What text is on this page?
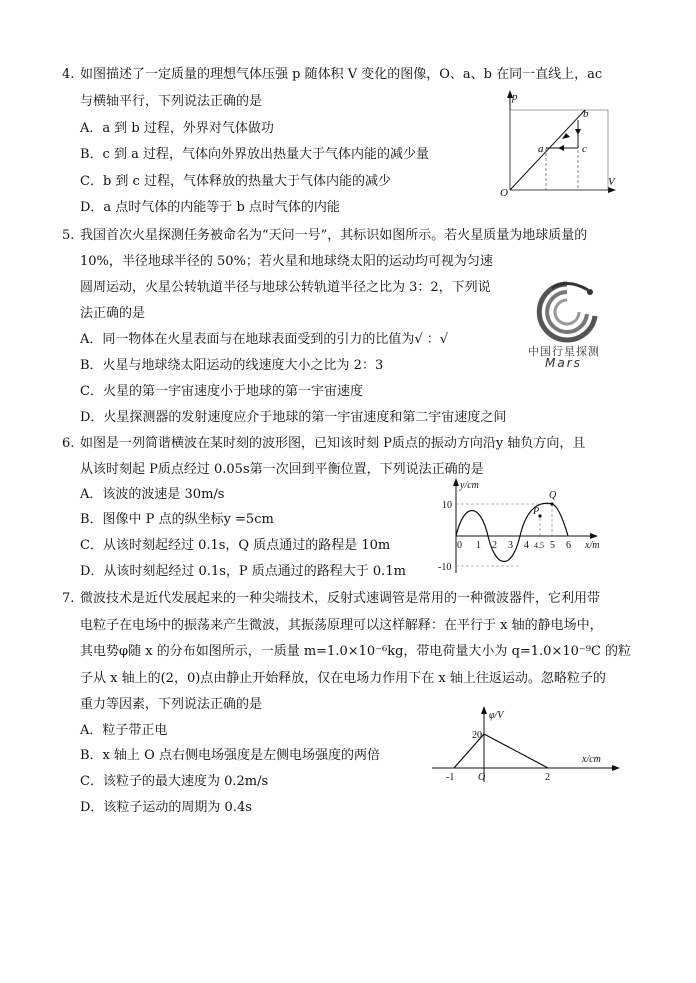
4. 如图描述了一定质量的理想气体压强 p 随体积 V 变化的图像，O、a、b 在同一直线上，ac
与横轴平行，下列说法正确的是
A．a 到 b 过程，外界对气体做功
B．c 到 a 过程，气体向外界放出热量大于气体内能的减少量
C．b 到 c 过程，气体释放的热量大于气体内能的减少
D．a 点时气体的内能等于 b 点时气体的内能
p
V
O
a
b
c
5. 我国首次火星探测任务被命名为“天问一号”，其标识如图所示。若火星质量为地球质量的
10%，半径地球半径的 50%；若火星和地球绕太阳的运动均可视为匀速
圆周运动，火星公转轨道半径与地球公转轨道半径之比为 3：2，下列说
法正确的是
A．同一物体在火星表面与在地球表面受到的引力的比值为√ ：√
B．火星与地球绕太阳运动的线速度大小之比为 2：3
C．火星的第一宇宙速度小于地球的第一宇宙速度
D．火星探测器的发射速度应介于地球的第一宇宙速度和第二宇宙速度之间
中国行星探测
Mars
6. 如图是一列简谐横波在某时刻的波形图，已知该时刻 P质点的振动方向沿y 轴负方向，且
从该时刻起 P质点经过 0.05s第一次回到平衡位置，下列说法正确的是
A．该波的波速是 30m/s
B．图像中 P 点的纵坐标y =5cm
C．从该时刻起经过 0.1s，Q 质点通过的路程是 10m
D．从该时刻起经过 0.1s，P 质点通过的路程大于 0.1m
y/cm
x/m
10
-10
0 1 2 3 4 4.5 5 6
P
Q
7. 微波技术是近代发展起来的一种尖端技术，反射式速调管是常用的一种微波器件，它利用带
电粒子在电场中的振荡来产生微波，其振荡原理可以这样解释：在平行于 x 轴的静电场中，
其电势φ随 x 的分布如图所示，一质量 m=1.0×10⁻⁶kg，带电荷量大小为 q=1.0×10⁻⁹C 的粒
子从 x 轴上的(2，0)点由静止开始释放，仅在电场力作用下在 x 轴上往返运动。忽略粒子的
重力等因素，下列说法正确的是
A．粒子带正电
B．x 轴上 O 点右侧电场强度是左侧电场强度的两倍
C．该粒子的最大速度为 0.2m/s
D．该粒子运动的周期为 0.4s
φ/V
x/cm
20
-1 O	2
